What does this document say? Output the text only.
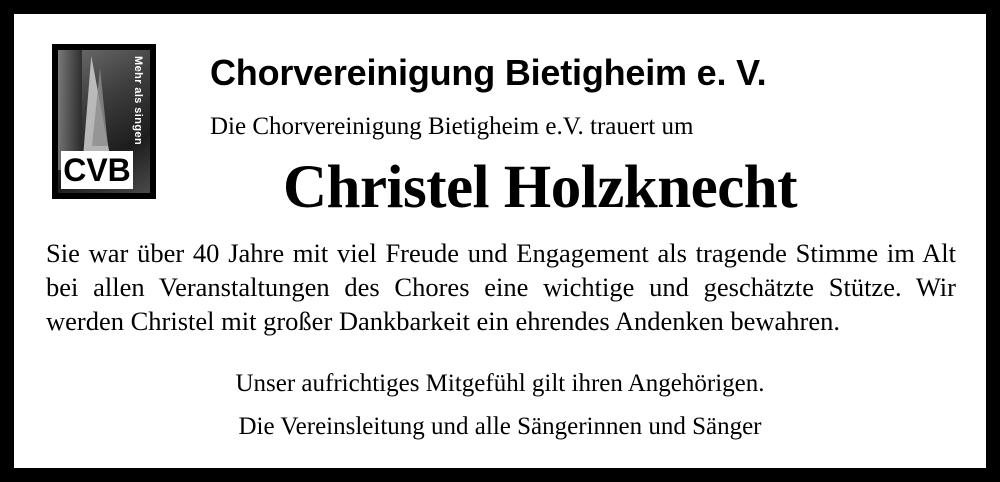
Mehr als singen
CVB
Chorvereinigung Bietigheim e. V.
Die Chorvereinigung Bietigheim e.V. trauert um
Christel Holzknecht
Sie war über 40 Jahre mit viel Freude und Engagement als tragende Stimme im Alt bei allen Veranstaltungen des Chores eine wichtige und geschätzte Stütze. Wir werden Christel mit großer Dankbarkeit ein ehrendes Andenken bewahren.
Unser aufrichtiges Mitgefühl gilt ihren Angehörigen.
Die Vereinsleitung und alle Sängerinnen und Sänger
